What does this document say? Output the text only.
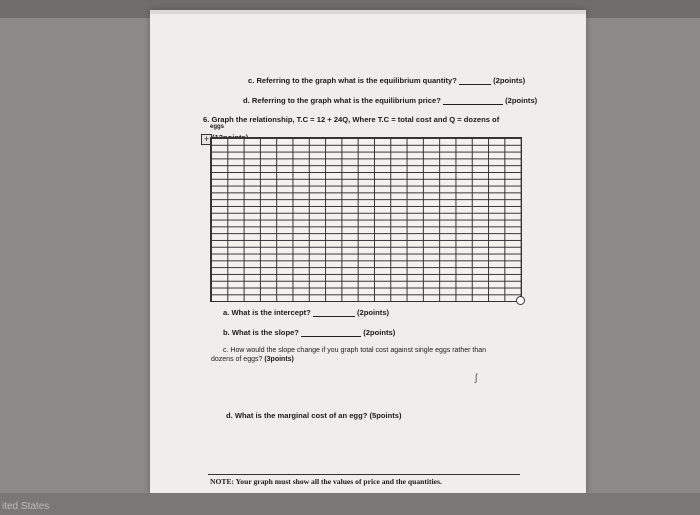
c. Referring to the graph what is the equilibrium quantity?	(2points)
d. Referring to the graph what is the equilibrium price?	(2points)
6. Graph the relationship, T.C = 12 + 24Q, Where T.C = total cost and Q = dozens of
eggs
+
a. What is the intercept?	(2points)
b. What is the slope?	(2points)
c. How would the slope change if you graph total cost against single eggs rather than
dozens of eggs? (3points)
ʃ
d. What is the marginal cost of an egg? (5points)
NOTE: Your graph must show all the values of price and the quantities.
ited States
